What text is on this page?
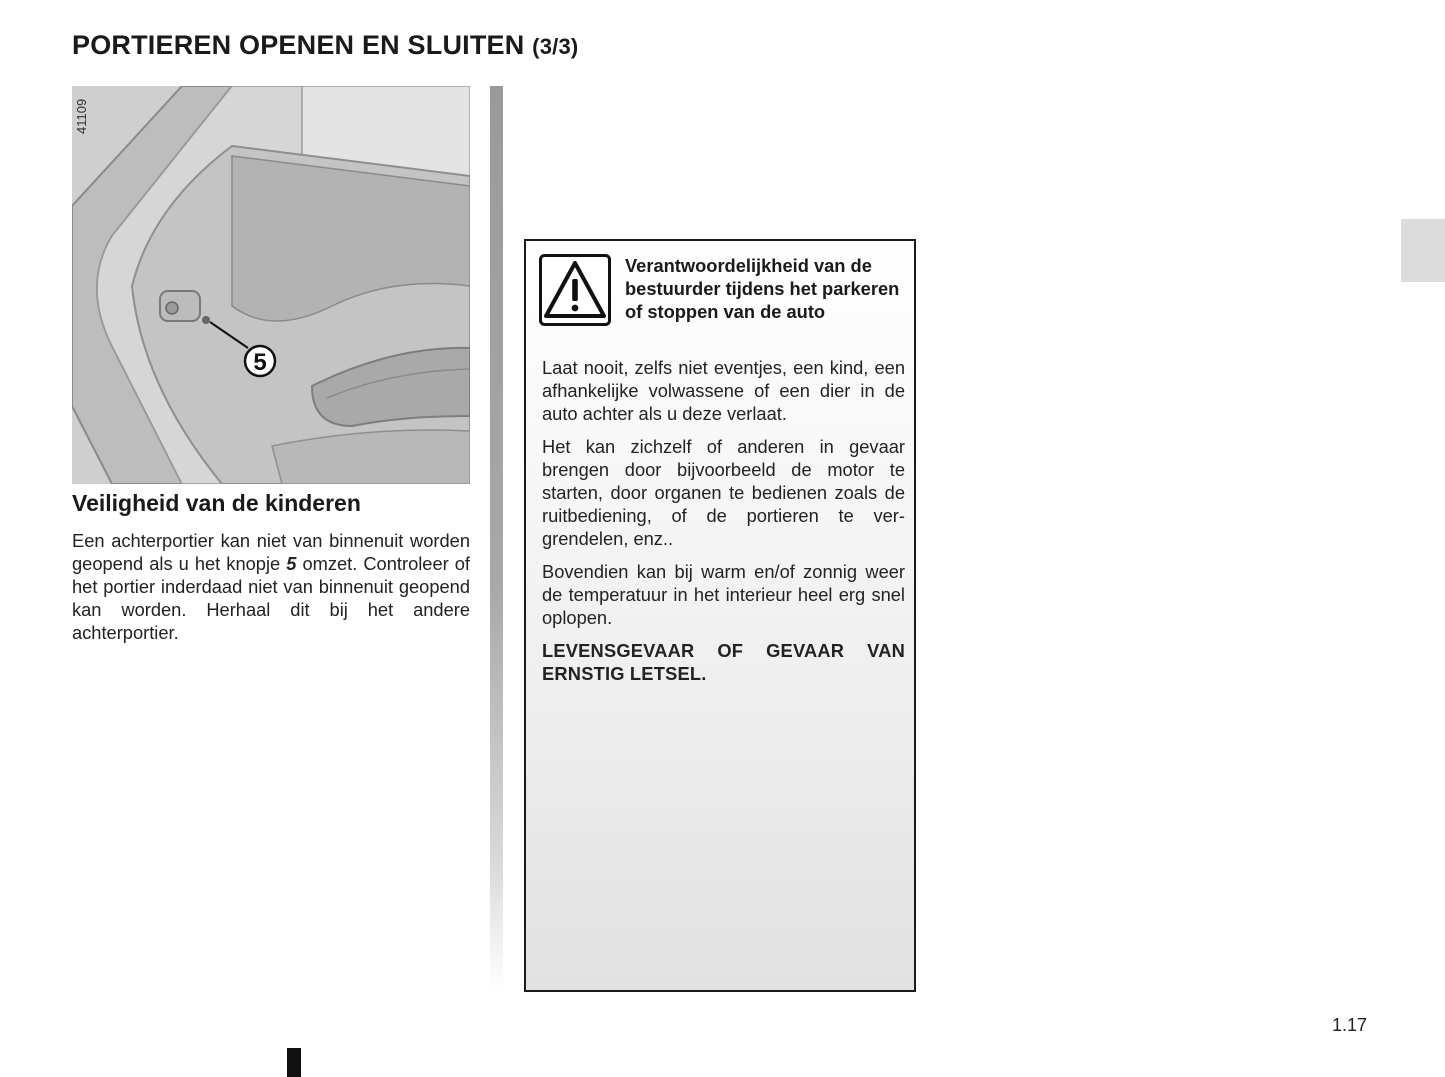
PORTIEREN OPENEN EN SLUITEN (3/3)
5
41109
Veiligheid van de kinderen

Een achterportier kan niet van binnenuit worden geopend als u het knopje 5 omzet. Controleer of het portier inderdaad niet van binnenuit geopend kan worden. Herhaal dit bij het andere achterportier.

Verantwoordelijkheid van de bestuurder tijdens het parkeren of stoppen van de auto

Laat nooit, zelfs niet eventjes, een kind, een afhankelijke volwassene of een dier in de auto achter als u deze verlaat.

Het kan zichzelf of anderen in gevaar brengen door bijvoorbeeld de motor te starten, door organen te bedienen zoals de ruitbediening, of de portieren te ver-grendelen, enz..

Bovendien kan bij warm en/of zonnig weer de temperatuur in het interieur heel erg snel oplopen.

LEVENSGEVAAR OF GEVAAR VAN ERNSTIG LETSEL.

1.17
